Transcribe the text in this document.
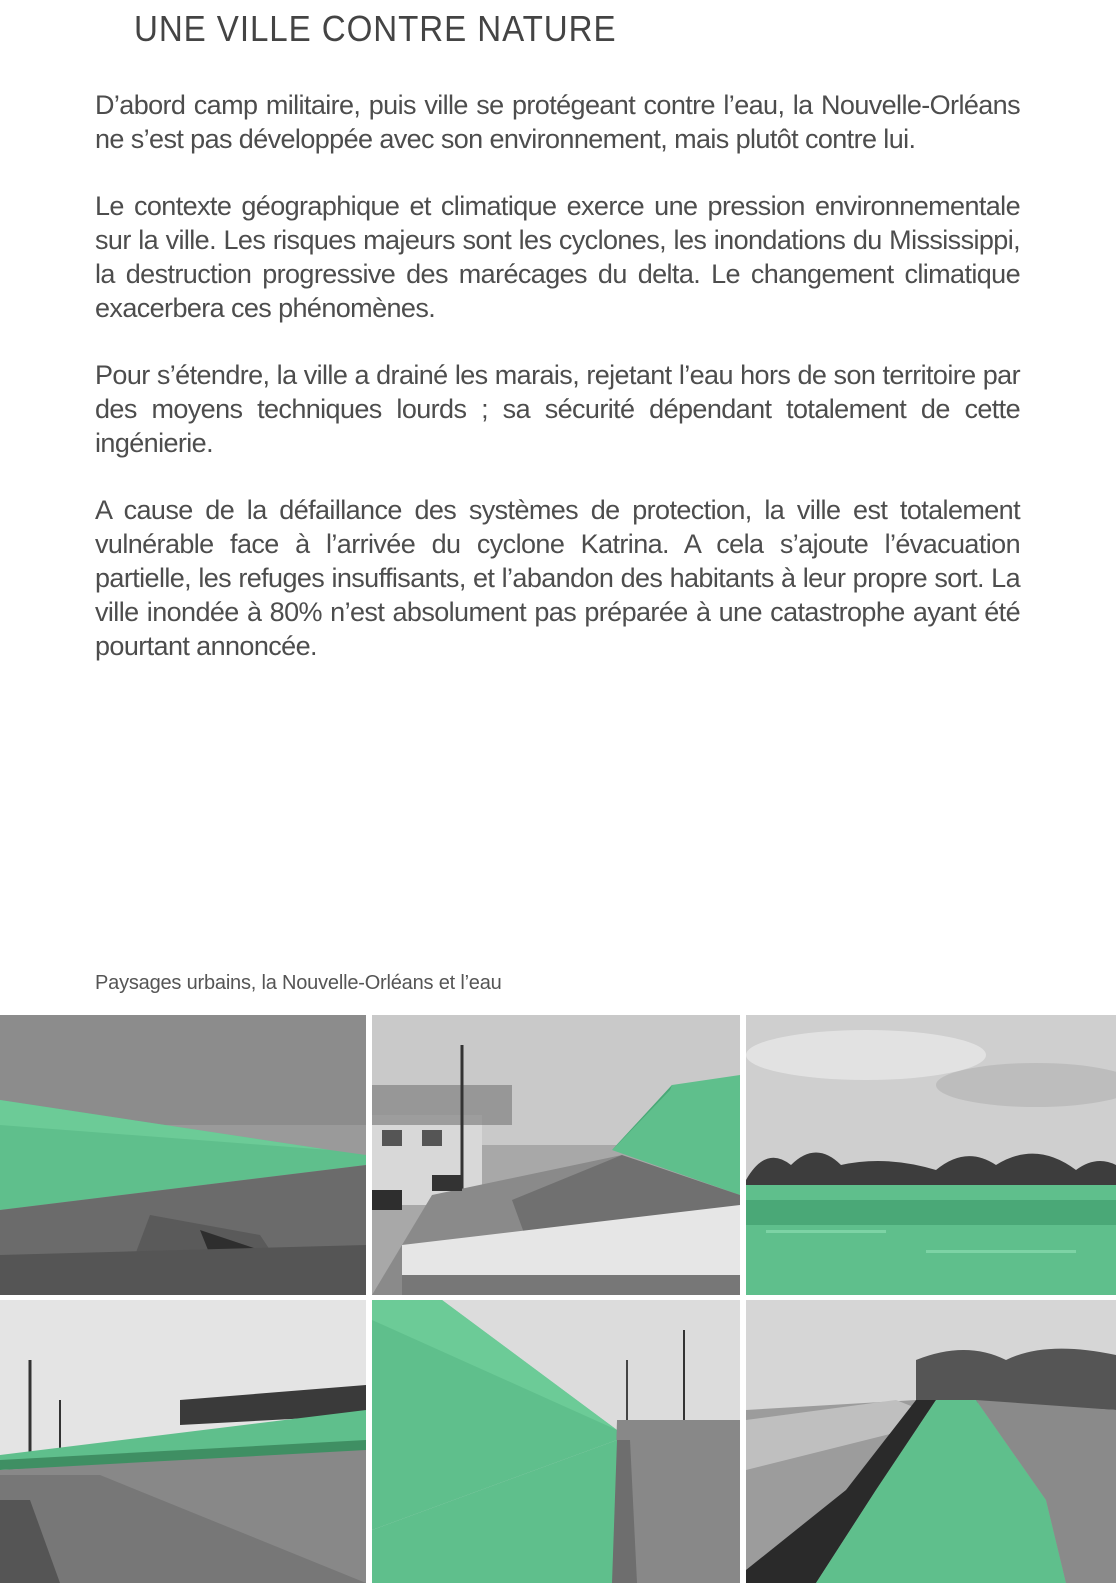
UNE VILLE CONTRE NATURE

D’abord camp militaire, puis ville se protégeant contre l’eau, la Nouvelle-Orléans ne s’est pas développée avec son environnement, mais plutôt contre lui.

Le contexte géographique et climatique exerce une pression environnementale sur la ville. Les risques majeurs sont les cyclones, les inondations du Mississippi, la destruction progressive des marécages du delta. Le changement climatique exacerbera ces phénomènes.

Pour s’étendre, la ville a drainé les marais, rejetant l’eau hors de son territoire par des moyens techniques lourds ; sa sécurité dépendant totalement de cette ingénierie.

A cause de la défaillance des systèmes de protection, la ville est totalement vulnérable face à l’arrivée du cyclone Katrina. A cela s’ajoute l’évacuation partielle, les refuges insuffisants, et l’abandon des habitants à leur propre sort. La ville inondée à 80% n’est absolument pas préparée à une catastrophe ayant été pourtant annoncée.

Paysages urbains, la Nouvelle-Orléans et l’eau
